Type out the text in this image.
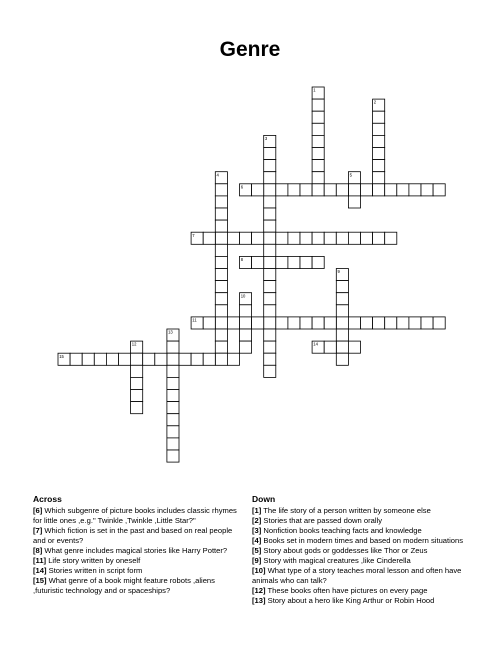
Genre
1
2
3
4	5
6
7
8
9
10
11
12
13
14
15
Across
[6] Which subgenre of picture books includes classic rhymes for little ones ,e.g." Twinkle ,Twinkle ,Little Star?"
[7] Which fiction is set in the past and based on real people and or events?
[8] What genre includes magical stories like Harry Potter?
[11] Life story written by oneself
[14] Stories written in script form
[15] What genre of a book might feature robots ,aliens ,futuristic technology and or spaceships?
Down
[1] The life story of a person written by someone else
[2] Stories that are passed down orally
[3] Nonfiction books teaching facts and knowledge
[4] Books set in modern times and based on modern situations
[5] Story about gods or goddesses like Thor or Zeus
[9] Story with magical creatures ,like Cinderella
[10] What type of a story teaches moral lesson and often have animals who can talk?
[12] These books often have pictures on every page
[13] Story about a hero like King Arthur or Robin Hood
